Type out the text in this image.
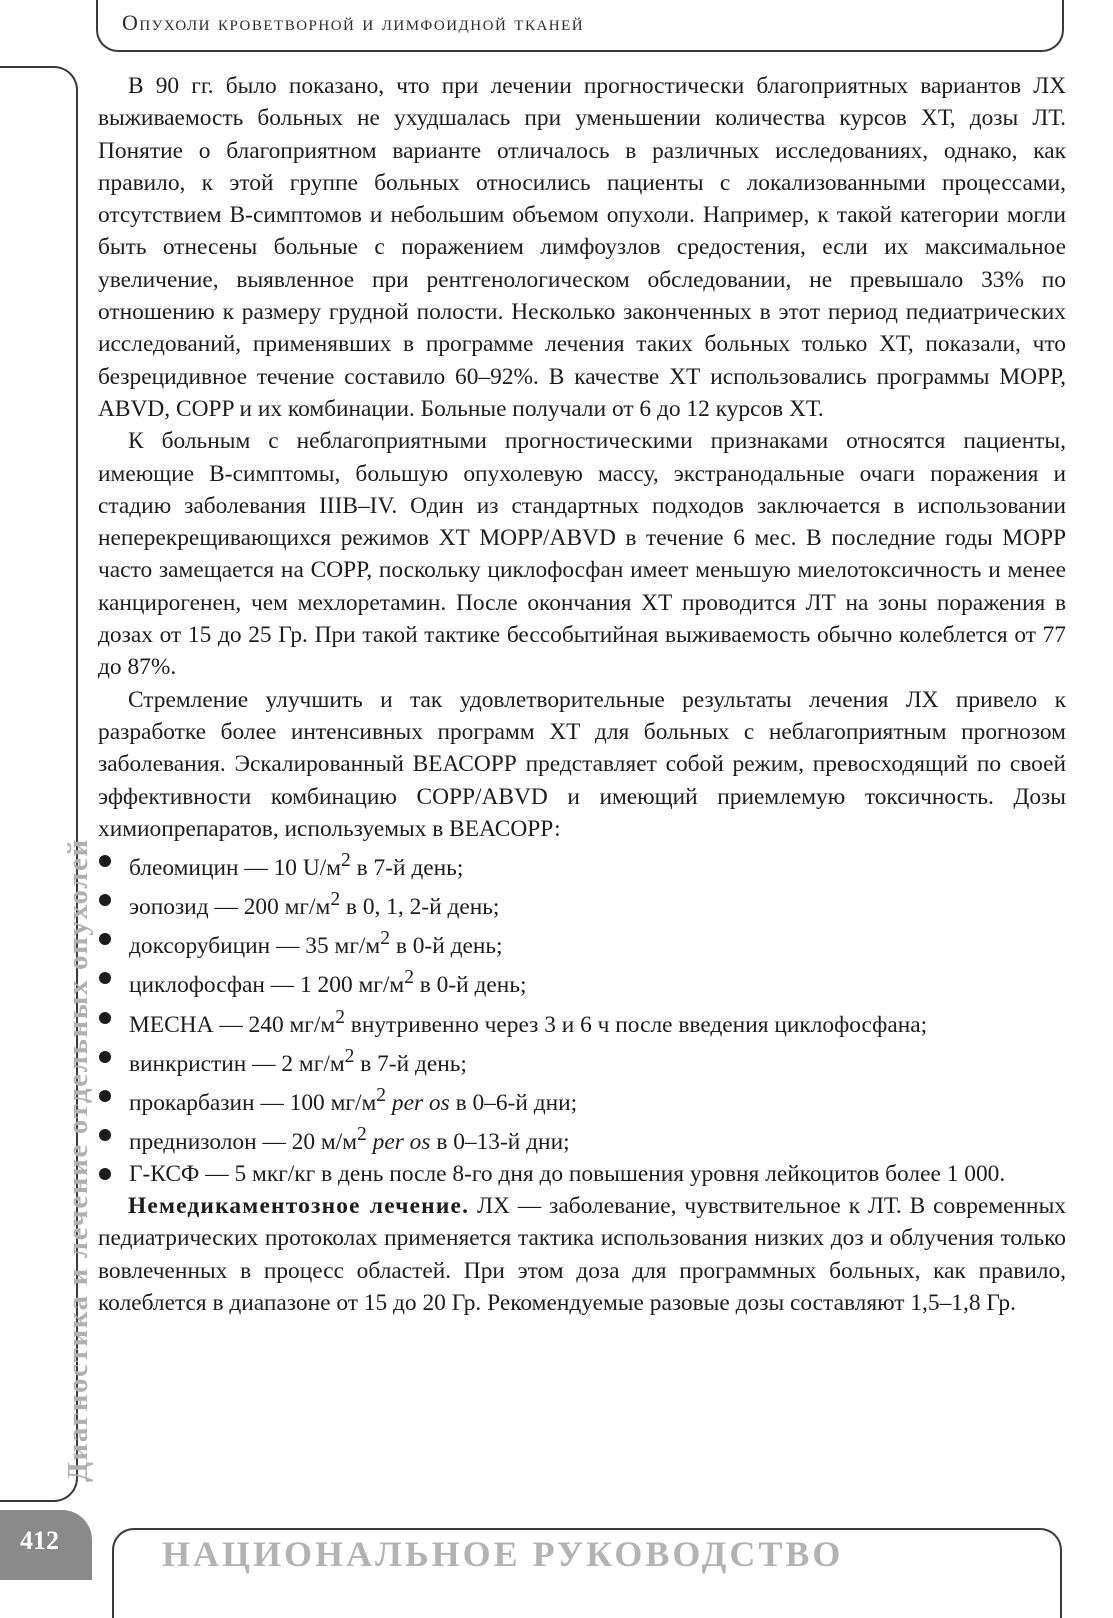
Опухоли кроветворной и лимфоидной тканей
Диагностика и лечение отдельных опухолей
412	НАЦИОНАЛЬНОЕ РУКОВОДСТВО

В 90 гг. было показано, что при лечении прогностически благоприятных вариантов ЛХ выживаемость больных не ухудшалась при уменьшении количества курсов ХТ, дозы ЛТ. Понятие о благоприятном варианте отличалось в различных исследованиях, однако, как правило, к этой группе больных относились пациенты с локализованными процессами, отсутствием В-симптомов и небольшим объемом опухоли. Например, к такой категории могли быть отнесены больные с поражением лимфоузлов средостения, если их максимальное увеличение, выявленное при рентгенологическом обследовании, не превышало 33% по отношению к размеру грудной полости. Несколько законченных в этот период педиатрических исследований, применявших в программе лечения таких больных только ХТ, показали, что безрецидивное течение составило 60–92%. В качестве ХТ использовались программы МОРР, ABVD, COPP и их комбинации. Больные получали от 6 до 12 курсов ХТ.

К больным с неблагоприятными прогностическими признаками относятся пациенты, имеющие В-симптомы, большую опухолевую массу, экстранодальные очаги поражения и стадию заболевания IIIB–IV. Один из стандартных подходов заключается в использовании неперекрещивающихся режимов ХТ MOPP/ABVD в течение 6 мес. В последние годы МОРР часто замещается на СОРР, поскольку циклофосфан имеет меньшую миелотоксичность и менее канцирогенен, чем мехлоретамин. После окончания ХТ проводится ЛТ на зоны поражения в дозах от 15 до 25 Гр. При такой тактике бессобытийная выживаемость обычно колеблется от 77 до 87%.

Стремление улучшить и так удовлетворительные результаты лечения ЛХ привело к разработке более интенсивных программ ХТ для больных с неблагоприятным прогнозом заболевания. Эскалированный ВЕАСОРР представляет собой режим, превосходящий по своей эффективности комбинацию COPP/ABVD и имеющий приемлемую токсичность. Дозы химиопрепаратов, используемых в ВЕАСОРР:

блеомицин — 10 $U/м^2$ в 7-й день;
эопозид — 200 $мг/м^2$ в 0, 1, 2-й день;
доксорубицин — 35 $мг/м^2$ в 0-й день;
циклофосфан — 1 200 $мг/м^2$ в 0-й день;
МЕСНА — 240 $мг/м^2$ внутривенно через 3 и 6 ч после введения циклофосфана;
винкристин — 2 $мг/м^2$ в 7-й день;
прокарбазин — 100 $мг/м^2$ per os в 0–6-й дни;
преднизолон — 20 $м/м^2$ per os в 0–13-й дни;
Г-КСФ — 5 мкг/кг в день после 8-го дня до повышения уровня лейкоцитов более 1 000.

Немедикаментозное лечение. ЛХ — заболевание, чувствительное к ЛТ. В современных педиатрических протоколах применяется тактика использования низких доз и облучения только вовлеченных в процесс областей. При этом доза для программных больных, как правило, колеблется в диапазоне от 15 до 20 Гр. Рекомендуемые разовые дозы составляют 1,5–1,8 Гр.
